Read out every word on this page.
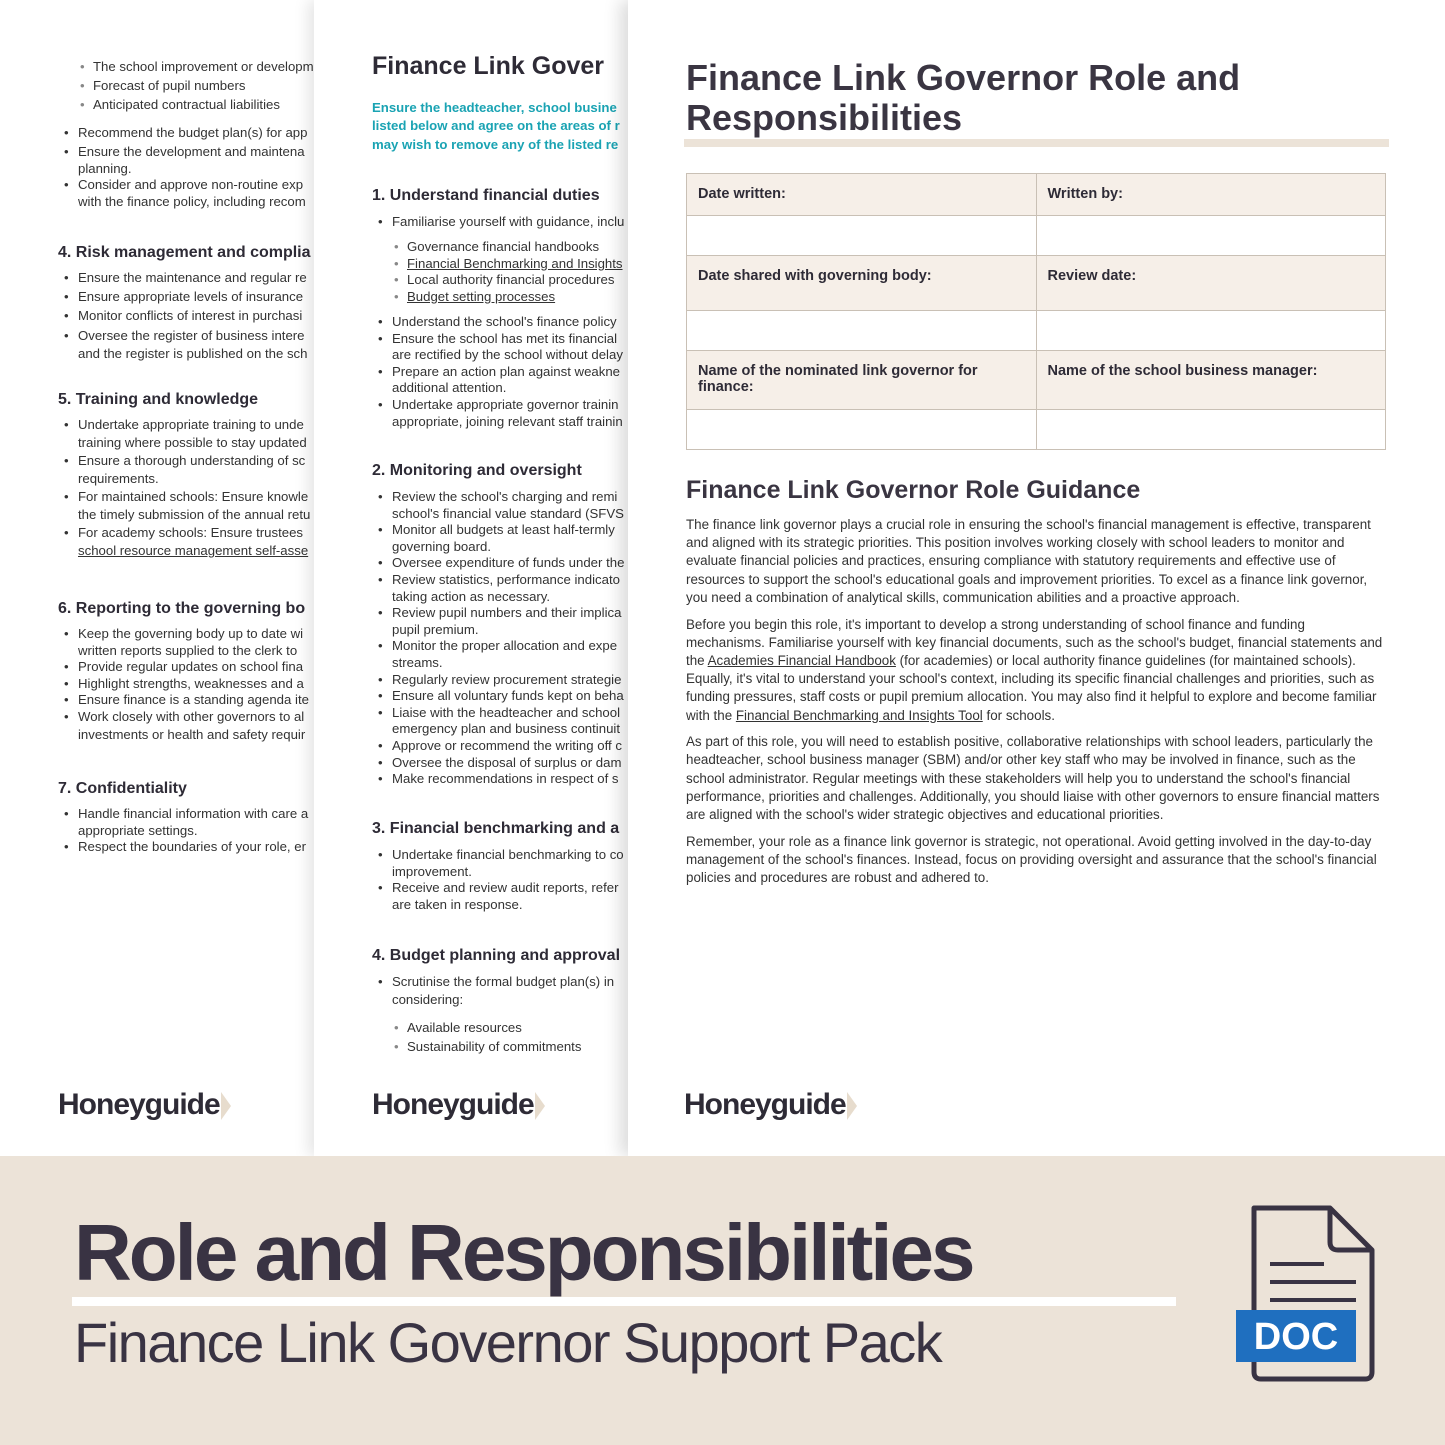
• The school improvement or developm
• Forecast of pupil numbers
• Anticipated contractual liabilities
• Recommend the budget plan(s) for app
• Ensure the development and maintena
planning.
• Consider and approve non-routine exp
with the finance policy, including recom
4. Risk management and complia
• Ensure the maintenance and regular re
• Ensure appropriate levels of insurance
• Monitor conflicts of interest in purchasi
• Oversee the register of business intere
and the register is published on the sch
5. Training and knowledge
• Undertake appropriate training to unde
training where possible to stay updated
• Ensure a thorough understanding of sc
requirements.
• For maintained schools: Ensure knowle
the timely submission of the annual retu
• For academy schools: Ensure trustees
school resource management self-asse
6. Reporting to the governing bo
• Keep the governing body up to date wi
written reports supplied to the clerk to
• Provide regular updates on school fina
• Highlight strengths, weaknesses and a
• Ensure finance is a standing agenda ite
• Work closely with other governors to al
investments or health and safety requir
7. Confidentiality
• Handle financial information with care a
appropriate settings.
• Respect the boundaries of your role, er
Honeyguide
Finance Link Gover
Ensure the headteacher, school busine
listed below and agree on the areas of r
may wish to remove any of the listed re
1. Understand financial duties
• Familiarise yourself with guidance, inclu
• Governance financial handbooks
• Financial Benchmarking and Insights
• Local authority financial procedures
• Budget setting processes
• Understand the school's finance policy
• Ensure the school has met its financial
are rectified by the school without delay
• Prepare an action plan against weakne
additional attention.
• Undertake appropriate governor trainin
appropriate, joining relevant staff trainin
2. Monitoring and oversight
• Review the school's charging and remi
school's financial value standard (SFVS
• Monitor all budgets at least half-termly
governing board.
• Oversee expenditure of funds under the
• Review statistics, performance indicato
taking action as necessary.
• Review pupil numbers and their implica
pupil premium.
• Monitor the proper allocation and expe
streams.
• Regularly review procurement strategie
• Ensure all voluntary funds kept on beha
• Liaise with the headteacher and school
emergency plan and business continuit
• Approve or recommend the writing off c
• Oversee the disposal of surplus or dam
• Make recommendations in respect of s
3. Financial benchmarking and a
• Undertake financial benchmarking to co
improvement.
• Receive and review audit reports, refer
are taken in response.
4. Budget planning and approval
• Scrutinise the formal budget plan(s) in
considering:
• Available resources
• Sustainability of commitments
Honeyguide
Finance Link Governor Role and Responsibilities
Date written:	Written by:

Date shared with governing body:	Review date:

Name of the nominated link governor for finance:	Name of the school business manager:

Finance Link Governor Role Guidance

The finance link governor plays a crucial role in ensuring the school's financial management is effective, transparent and aligned with its strategic priorities. This position involves working closely with school leaders to monitor and evaluate financial policies and practices, ensuring compliance with statutory requirements and effective use of resources to support the school's educational goals and improvement priorities. To excel as a finance link governor, you need a combination of analytical skills, communication abilities and a proactive approach.

Before you begin this role, it's important to develop a strong understanding of school finance and funding mechanisms. Familiarise yourself with key financial documents, such as the school's budget, financial statements and the Academies Financial Handbook (for academies) or local authority finance guidelines (for maintained schools). Equally, it's vital to understand your school's context, including its specific financial challenges and priorities, such as funding pressures, staff costs or pupil premium allocation. You may also find it helpful to explore and become familiar with the Financial Benchmarking and Insights Tool for schools.

As part of this role, you will need to establish positive, collaborative relationships with school leaders, particularly the headteacher, school business manager (SBM) and/or other key staff who may be involved in finance, such as the school administrator. Regular meetings with these stakeholders will help you to understand the school's financial performance, priorities and challenges. Additionally, you should liaise with other governors to ensure financial matters are aligned with the school's wider strategic objectives and educational priorities.

Remember, your role as a finance link governor is strategic, not operational. Avoid getting involved in the day-to-day management of the school's finances. Instead, focus on providing oversight and assurance that the school's financial policies and procedures are robust and adhered to.

Honeyguide
Role and Responsibilities
Finance Link Governor Support Pack	DOC
